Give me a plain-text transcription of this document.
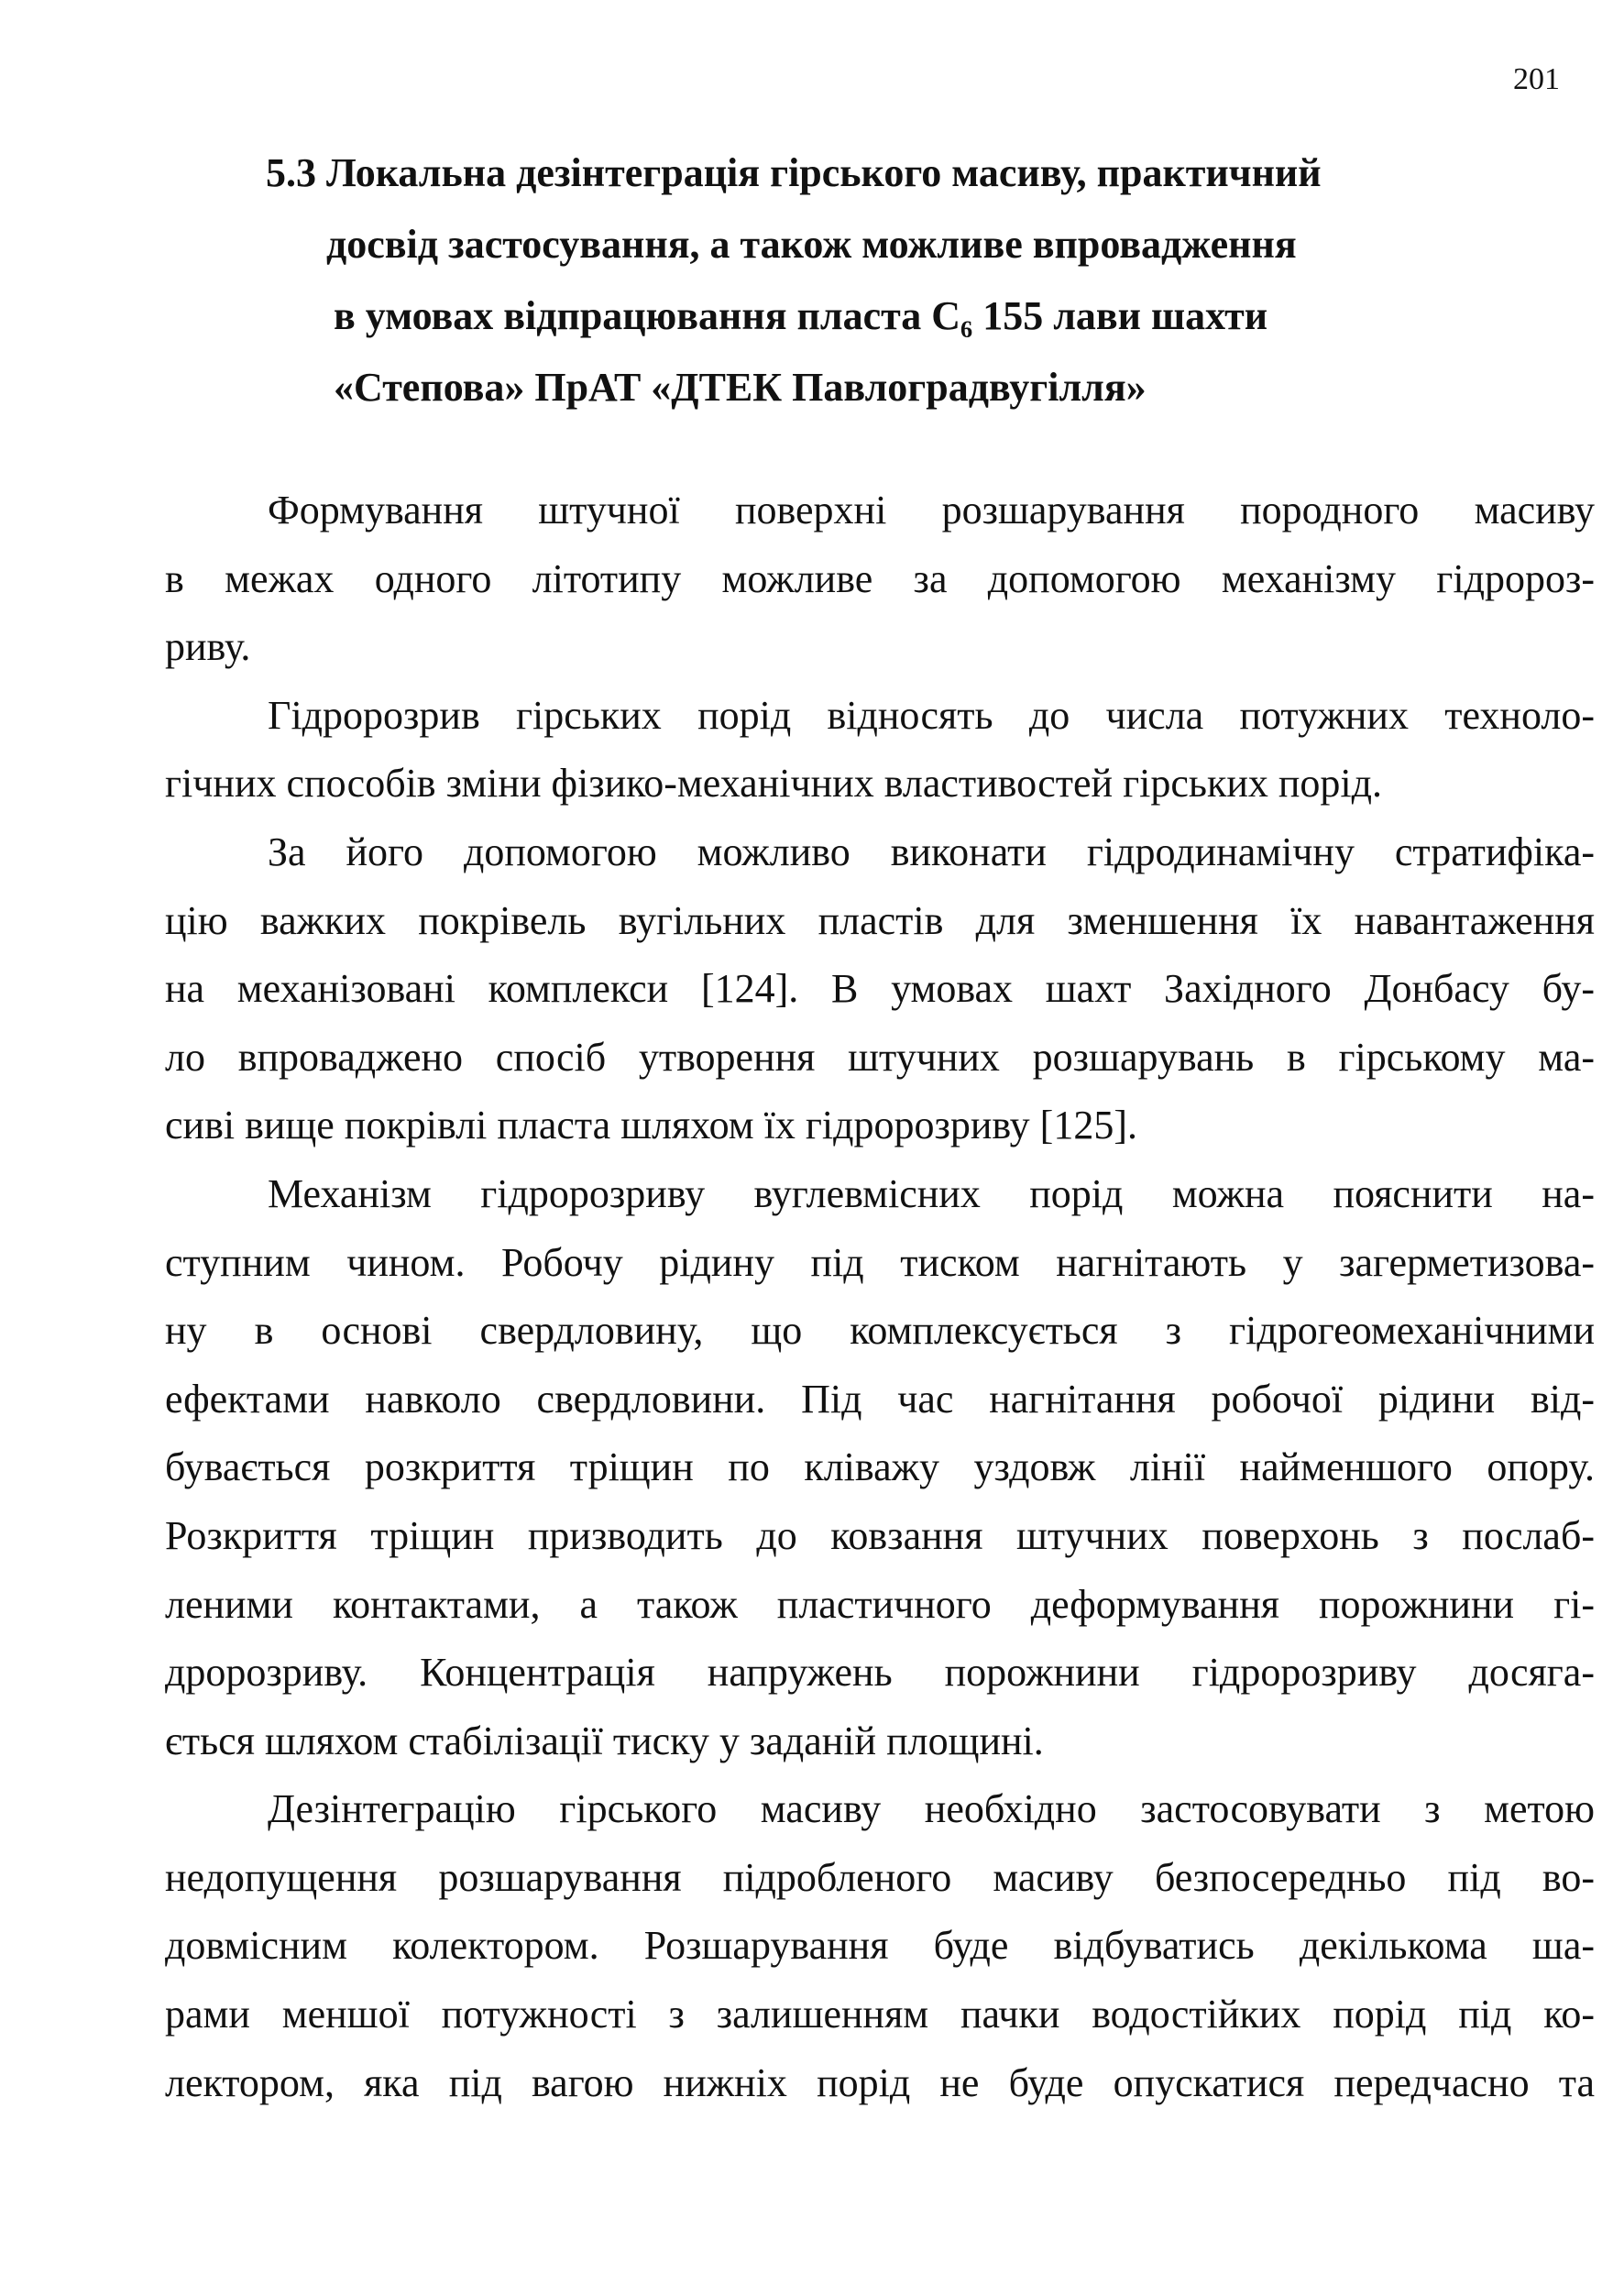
201
5.3 Локальна дезінтеграція гірського масиву, практичний
досвід застосування, а також можливе впровадження
в умовах відпрацювання пласта C₆ 155 лави шахти
«Степова» ПрАТ «ДТЕК Павлоградвугілля»
Формування штучної поверхні розшарування породного масиву
в межах одного літотипу можливе за допомогою механізму гідророз-
риву.
Гідророзрив гірських порід відносять до числа потужних техноло-
гічних способів зміни фізико-механічних властивостей гірських порід.
За його допомогою можливо виконати гідродинамічну стратифіка-
цію важких покрівель вугільних пластів для зменшення їх навантаження
на механізовані комплекси [124]. В умовах шахт Західного Донбасу бу-
ло впроваджено спосіб утворення штучних розшарувань в гірському ма-
сиві вище покрівлі пласта шляхом їх гідророзриву [125].
Механізм гідророзриву вуглевмісних порід можна пояснити на-
ступним чином. Робочу рідину під тиском нагнітають у загерметизова-
ну в основі свердловину, що комплексується з гідрогеомеханічними
ефектами навколо свердловини. Під час нагнітання робочої рідини від-
бувається розкриття тріщин по кліважу уздовж лінії найменшого опору.
Розкриття тріщин призводить до ковзання штучних поверхонь з послаб-
леними контактами, а також пластичного деформування порожнини гі-
дророзриву. Концентрація напружень порожнини гідророзриву досяга-
ється шляхом стабілізації тиску у заданій площині.
Дезінтеграцію гірського масиву необхідно застосовувати з метою
недопущення розшарування підробленого масиву безпосередньо під во-
довмісним колектором. Розшарування буде відбуватись декількома ша-
рами меншої потужності з залишенням пачки водостійких порід під ко-
лектором, яка під вагою нижніх порід не буде опускатися передчасно та
